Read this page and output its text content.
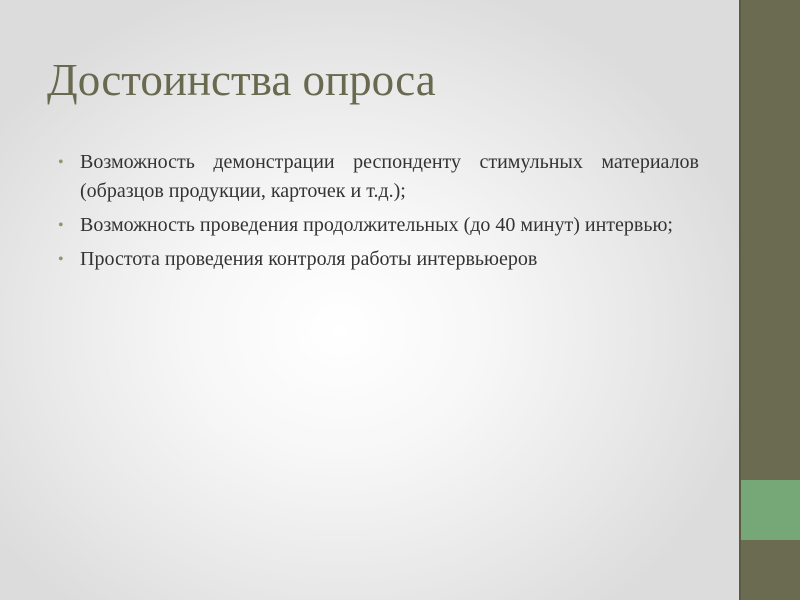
Достоинства опроса
• Возможность демонстрации респонденту стимульных материалов (образцов продукции, карточек и т.д.);
• Возможность проведения продолжительных (до 40 минут) интервью;
• Простота проведения контроля работы интервьюеров
